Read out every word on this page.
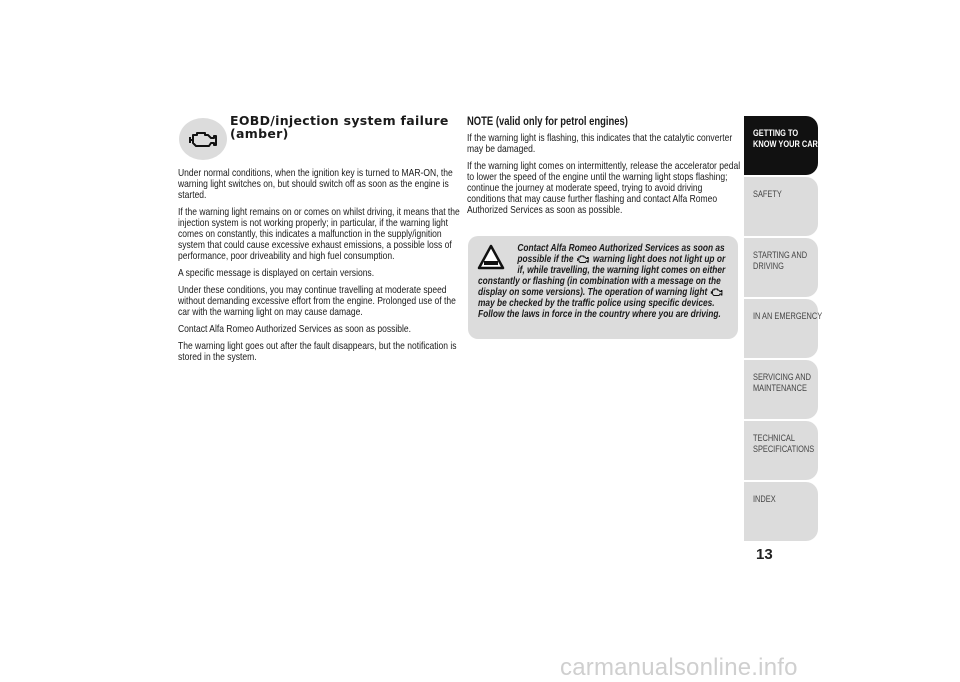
EOBD/injection system failure
(amber)

Under normal conditions, when the ignition key is turned to MAR-ON, the warning light switches on, but should switch off as soon as the engine is started.

If the warning light remains on or comes on whilst driving, it means that the injection system is not working properly; in particular, if the warning light comes on constantly, this indicates a malfunction in the supply/ignition system that could cause excessive exhaust emissions, a possible loss of performance, poor driveability and high fuel consumption.

A specific message is displayed on certain versions.

Under these conditions, you may continue travelling at moderate speed without demanding excessive effort from the engine. Prolonged use of the car with the warning light on may cause damage.

Contact Alfa Romeo Authorized Services as soon as possible.

The warning light goes out after the fault disappears, but the notification is stored in the system.

NOTE (valid only for petrol engines)

If the warning light is flashing, this indicates that the catalytic converter may be damaged.

If the warning light comes on intermittently, release the accelerator pedal to lower the speed of the engine until the warning light stops flashing; continue the journey at moderate speed, trying to avoid driving conditions that may cause further flashing and contact Alfa Romeo Authorized Services as soon as possible.

Contact Alfa Romeo Authorized Services as soon as possible if the warning light does not light up or if, while travelling, the warning light comes on either constantly or flashing (in combination with a message on the display on some versions). The operation of warning light  may be checked by the traffic police using specific devices. Follow the laws in force in the country where you are driving.

GETTING TO KNOW YOUR CAR
SAFETY
STARTING AND DRIVING
IN AN EMERGENCY
SERVICING AND MAINTENANCE
TECHNICAL SPECIFICATIONS
INDEX
13
carmanualsonline.info
